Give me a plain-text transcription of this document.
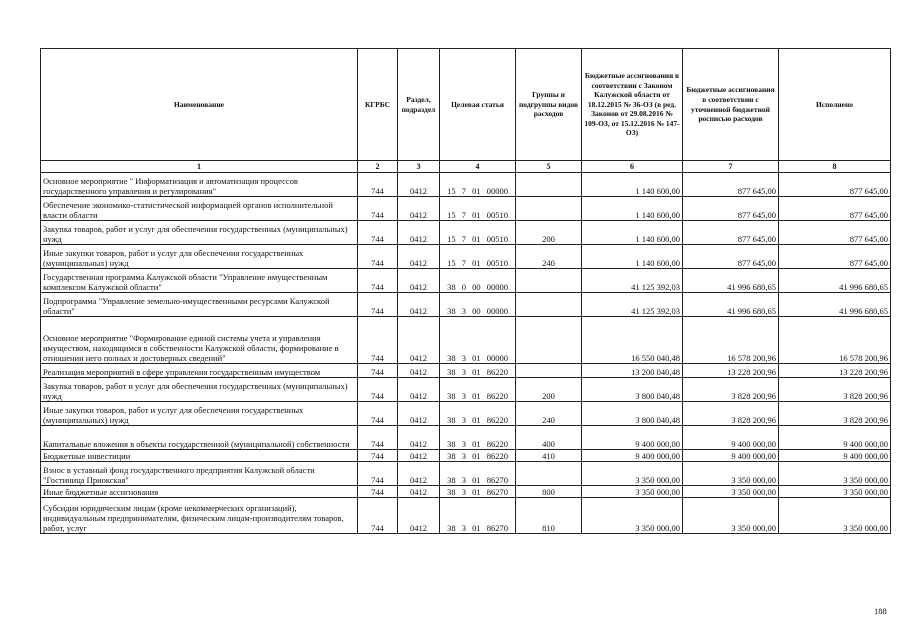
Наименование	КГРБС	Раздел, подраздел	Целевая статья	Группы и подгруппы видов расходов	Бюджетные ассигнования в соответствии с Законом Калужской области от 18.12.2015 № 36-ОЗ (в ред. Законов от 29.08.2016 № 109-ОЗ, от 15.12.2016 № 147-ОЗ)	Бюджетные ассигнования в соответствии с уточненной бюджетной росписью расходов	Исполнено
1	2	3	4	5	6	7	8
Основное мероприятие " Информатизация и автоматизация процессов государственного управления и регулирования"	744	0412	15 7 01 00000		1 140 600,00	877 645,00	877 645,00
Обеспечение экономико-статистической информацией органов исполнительной власти области	744	0412	15 7 01 00510		1 140 600,00	877 645,00	877 645,00
Закупка товаров, работ и услуг для обеспечения государственных (муниципальных) нужд	744	0412	15 7 01 00510	200	1 140 600,00	877 645,00	877 645,00
Иные закупки товаров, работ и услуг для обеспечения государственных (муниципальных) нужд	744	0412	15 7 01 00510	240	1 140 600,00	877 645,00	877 645,00
Государственная программа Калужской области "Управление имущественным комплексом Калужской области"	744	0412	38 0 00 00000		41 125 392,03	41 996 680,65	41 996 680,65
Подпрограмма "Управление земельно-имущественными ресурсами Калужской области"	744	0412	38 3 00 00000		41 125 392,03	41 996 680,65	41 996 680,65
Основное мероприятие "Формирование единой системы учета и управления имуществом, находящимся в собственности Калужской области, формирование в отношении него полных и достоверных сведений"	744	0412	38 3 01 00000		16 550 040,48	16 578 200,96	16 578 200,96
Реализация мероприятий в сфере управления государственным имуществом	744	0412	38 3 01 86220		13 200 040,48	13 228 200,96	13 228 200,96
Закупка товаров, работ и услуг для обеспечения государственных (муниципальных) нужд	744	0412	38 3 01 86220	200	3 800 040,48	3 828 200,96	3 828 200,96
Иные закупки товаров, работ и услуг для обеспечения государственных (муниципальных) нужд	744	0412	38 3 01 86220	240	3 800 040,48	3 828 200,96	3 828 200,96
Капитальные вложения в объекты государственной (муниципальной) собственности	744	0412	38 3 01 86220	400	9 400 000,00	9 400 000,00	9 400 000,00
Бюджетные инвестиции	744	0412	38 3 01 86220	410	9 400 000,00	9 400 000,00	9 400 000,00
Взнос в уставный фонд государственного предприятия Калужской области "Гостиница Приокская"	744	0412	38 3 01 86270		3 350 000,00	3 350 000,00	3 350 000,00
Иные бюджетные ассигнования	744	0412	38 3 01 86270	800	3 350 000,00	3 350 000,00	3 350 000,00
Субсидии юридическим лицам (кроме некоммерческих организаций), индивидуальным предпринимателям, физическим лицам-производителям товаров, работ, услуг	744	0412	38 3 01 86270	810	3 350 000,00	3 350 000,00	3 350 000,00
188
